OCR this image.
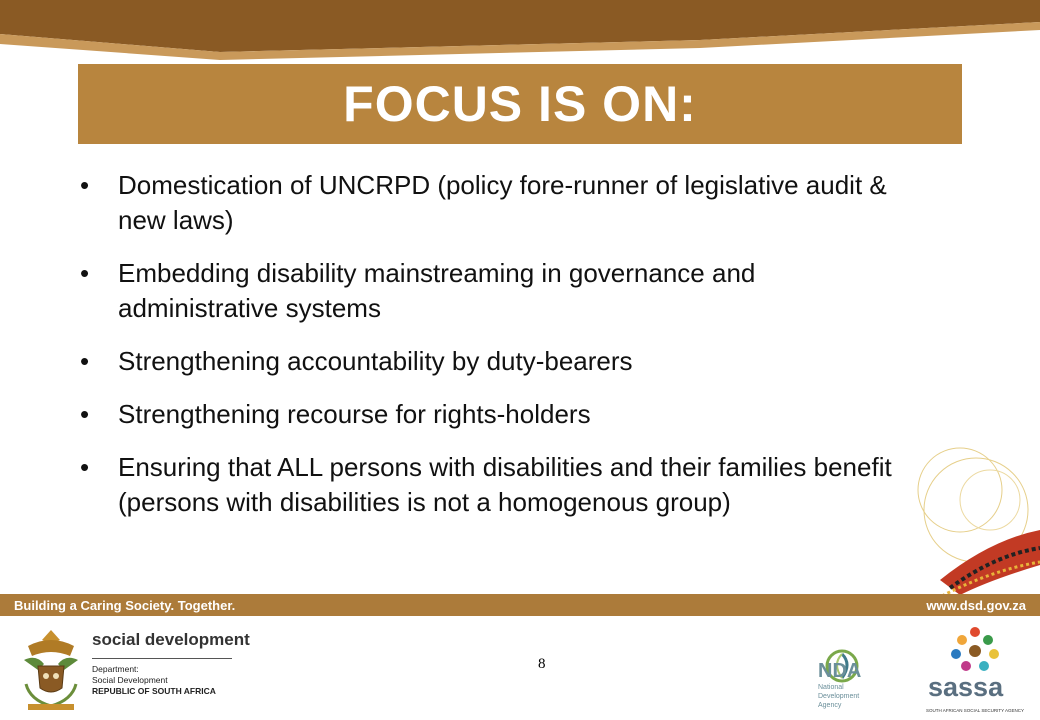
FOCUS IS ON:
• Domestication of UNCRPD (policy fore-runner of legislative audit & new laws)
• Embedding disability mainstreaming in governance and administrative systems
• Strengthening accountability by duty-bearers
• Strengthening recourse for rights-holders
• Ensuring that ALL persons with disabilities and their families benefit (persons with disabilities is not a homogenous group)
Building a Caring Society. Together.	www.dsd.gov.za
social development
Department:
Social Development
REPUBLIC OF SOUTH AFRICA
8	NDA
National
Development
Agency
sassa
SOUTH AFRICAN SOCIAL SECURITY AGENCY
